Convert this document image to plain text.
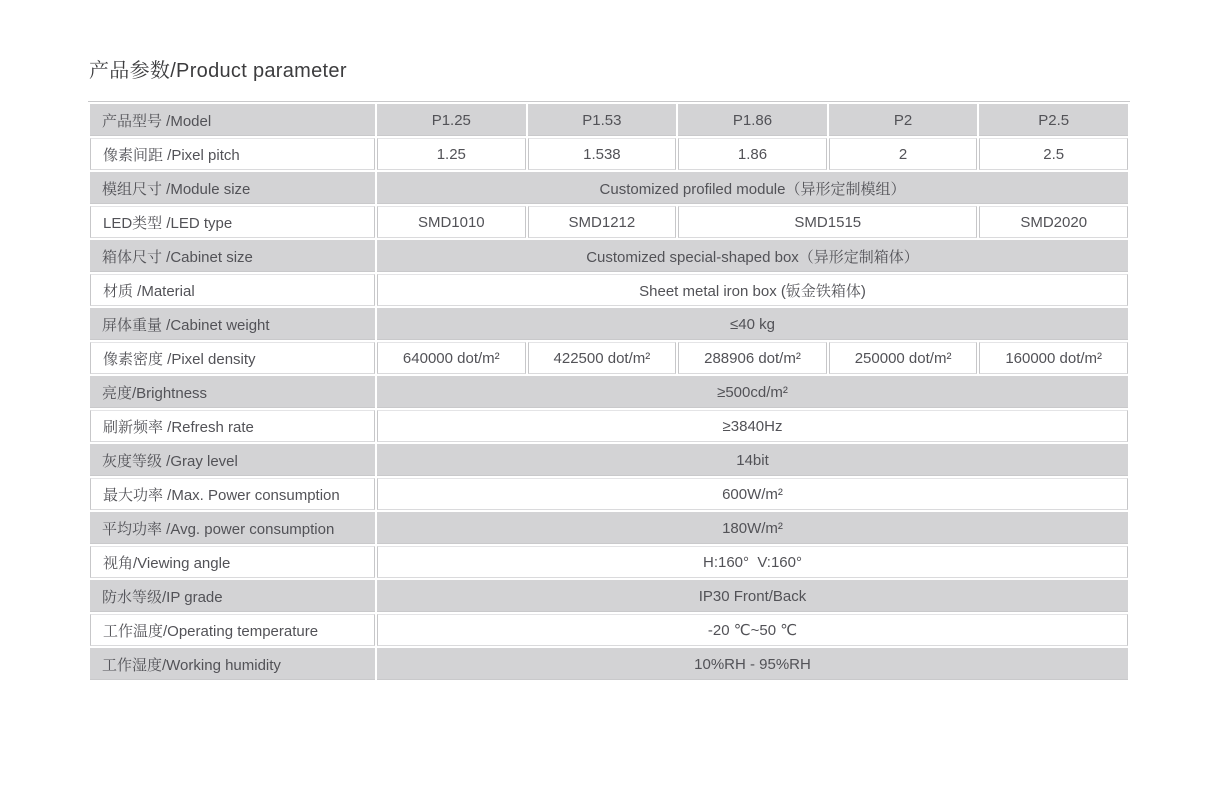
产品参数/Product parameter
产品型号 /Model	P1.25	P1.53	P1.86	P2	P2.5
像素间距 /Pixel pitch	1.25	1.538	1.86	2	2.5
模组尺寸 /Module size	Customized profiled module（异形定制模组）				
LED类型 /LED type	SMD1010	SMD1212	SMD1515		SMD2020
箱体尺寸 /Cabinet size	Customized special-shaped box（异形定制箱体）				
材质 /Material	Sheet metal iron box (钣金铁箱体)				
屏体重量 /Cabinet weight	≤40 kg				
像素密度 /Pixel density	640000 dot/m²	422500 dot/m²	288906 dot/m²	250000 dot/m²	160000 dot/m²
亮度/Brightness	≥500cd/m²				
刷新频率 /Refresh rate	≥3840Hz				
灰度等级 /Gray level	14bit				
最大功率 /Max. Power consumption	600W/m²				
平均功率 /Avg. power consumption	180W/m²				
视角/Viewing angle	H:160°  V:160°				
防水等级/IP grade	IP30 Front/Back				
工作温度/Operating temperature	-20 ℃~50 ℃				
工作湿度/Working humidity	10%RH - 95%RH				
